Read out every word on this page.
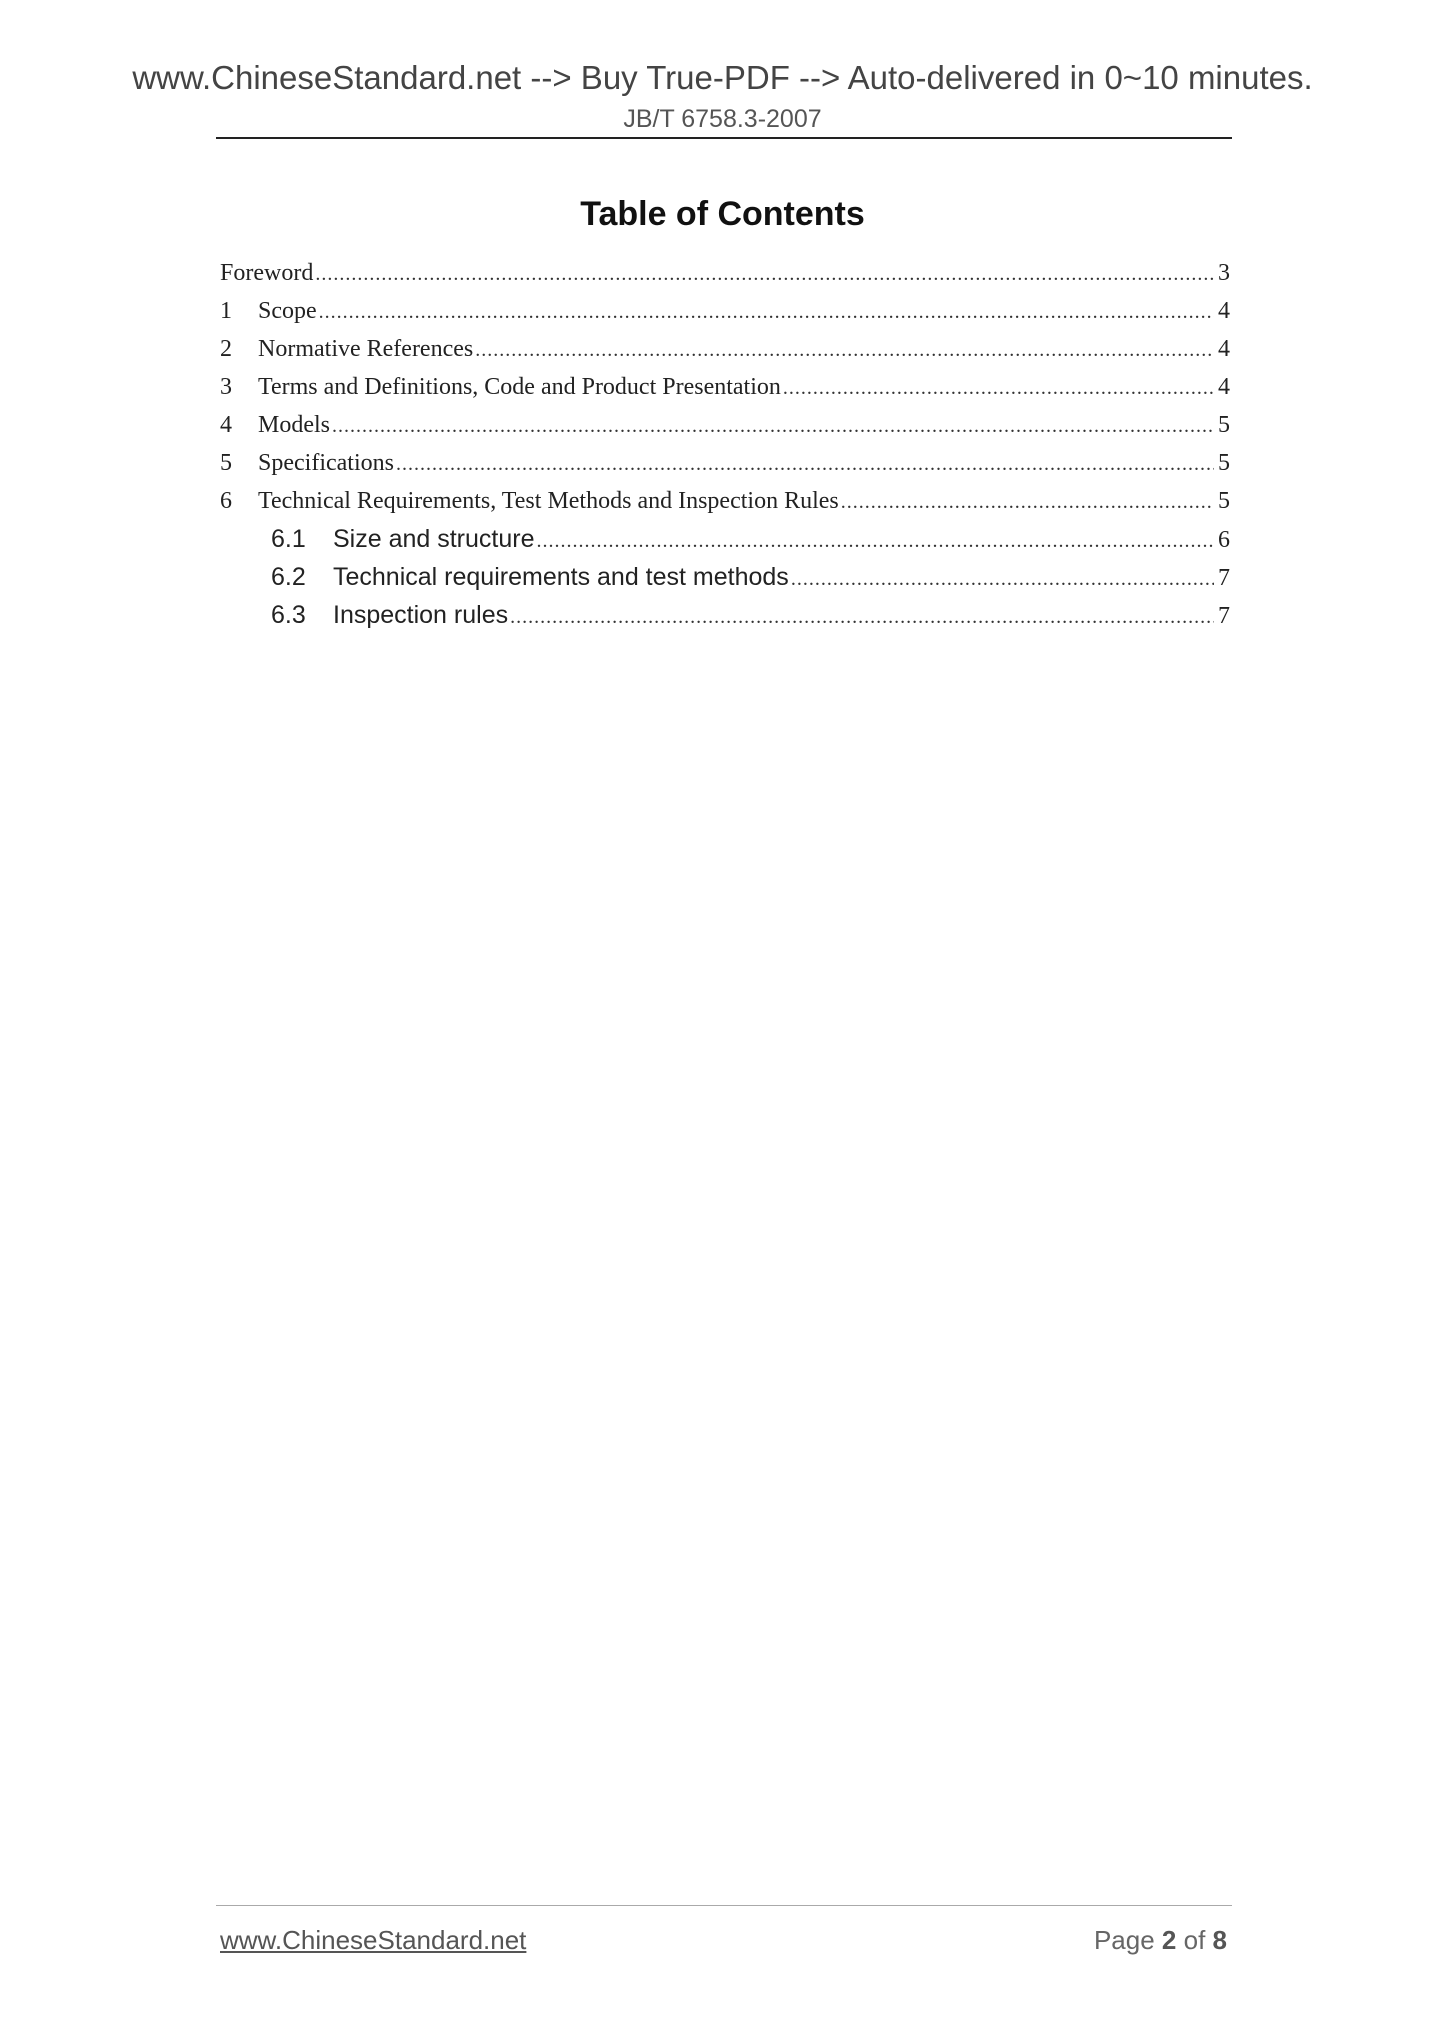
www.ChineseStandard.net --> Buy True-PDF --> Auto-delivered in 0~10 minutes.
JB/T 6758.3-2007
Table of Contents
Foreword .....	3
1	Scope .....	4
2	Normative References .....	4
3	Terms and Definitions, Code and Product Presentation .....	4
4	Models .....	5
5	Specifications .....	5
6	Technical Requirements, Test Methods and Inspection Rules .....	5
6.1	Size and structure .....	6
6.2	Technical requirements and test methods .....	7
6.3	Inspection rules .....	7
www.ChineseStandard.net	Page 2 of 8
